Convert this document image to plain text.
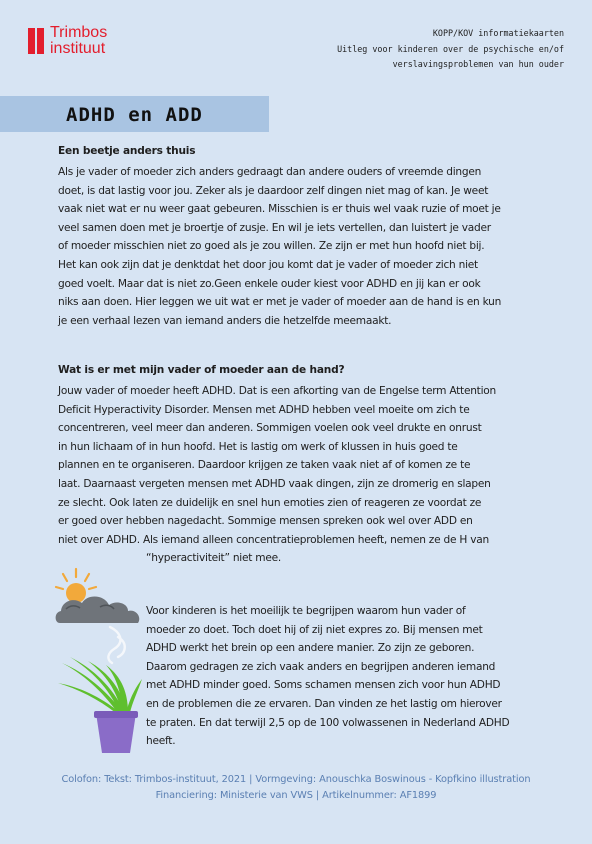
Trimbos
instituut
KOPP/KOV informatiekaarten
Uitleg voor kinderen over de psychische en/of
verslavingsproblemen van hun ouder
ADHD en ADD
Een beetje anders thuis
Als je vader of moeder zich anders gedraagt dan andere ouders of vreemde dingen
doet, is dat lastig voor jou. Zeker als je daardoor zelf dingen niet mag of kan. Je weet
vaak niet wat er nu weer gaat gebeuren. Misschien is er thuis wel vaak ruzie of moet je
veel samen doen met je broertje of zusje. En wil je iets vertellen, dan luistert je vader
of moeder misschien niet zo goed als je zou willen. Ze zijn er met hun hoofd niet bij.
Het kan ook zijn dat je denktdat het door jou komt dat je vader of moeder zich niet
goed voelt. Maar dat is niet zo.Geen enkele ouder kiest voor ADHD en jij kan er ook
niks aan doen. Hier leggen we uit wat er met je vader of moeder aan de hand is en kun
je een verhaal lezen van iemand anders die hetzelfde meemaakt.
Wat is er met mijn vader of moeder aan de hand?
Jouw vader of moeder heeft ADHD. Dat is een afkorting van de Engelse term Attention
Deficit Hyperactivity Disorder. Mensen met ADHD hebben veel moeite om zich te
concentreren, veel meer dan anderen. Sommigen voelen ook veel drukte en onrust
in hun lichaam of in hun hoofd. Het is lastig om werk of klussen in huis goed te
plannen en te organiseren. Daardoor krijgen ze taken vaak niet af of komen ze te
laat. Daarnaast vergeten mensen met ADHD vaak dingen, zijn ze dromerig en slapen
ze slecht. Ook laten ze duidelijk en snel hun emoties zien of reageren ze voordat ze
er goed over hebben nagedacht. Sommige mensen spreken ook wel over ADD en
niet over ADHD. Als iemand alleen concentratieproblemen heeft, nemen ze de H van
“hyperactiviteit” niet mee.
Voor kinderen is het moeilijk te begrijpen waarom hun vader of
moeder zo doet. Toch doet hij of zij niet expres zo. Bij mensen met
ADHD werkt het brein op een andere manier. Zo zijn ze geboren.
Daarom gedragen ze zich vaak anders en begrijpen anderen iemand
met ADHD minder goed. Soms schamen mensen zich voor hun ADHD
en de problemen die ze ervaren. Dan vinden ze het lastig om hierover
te praten. En dat terwijl 2,5 op de 100 volwassenen in Nederland ADHD
heeft.

Colofon: Tekst: Trimbos-instituut, 2021 | Vormgeving: Anouschka Boswinous - Kopfkino illustration

Financiering: Ministerie van VWS | Artikelnummer: AF1899
